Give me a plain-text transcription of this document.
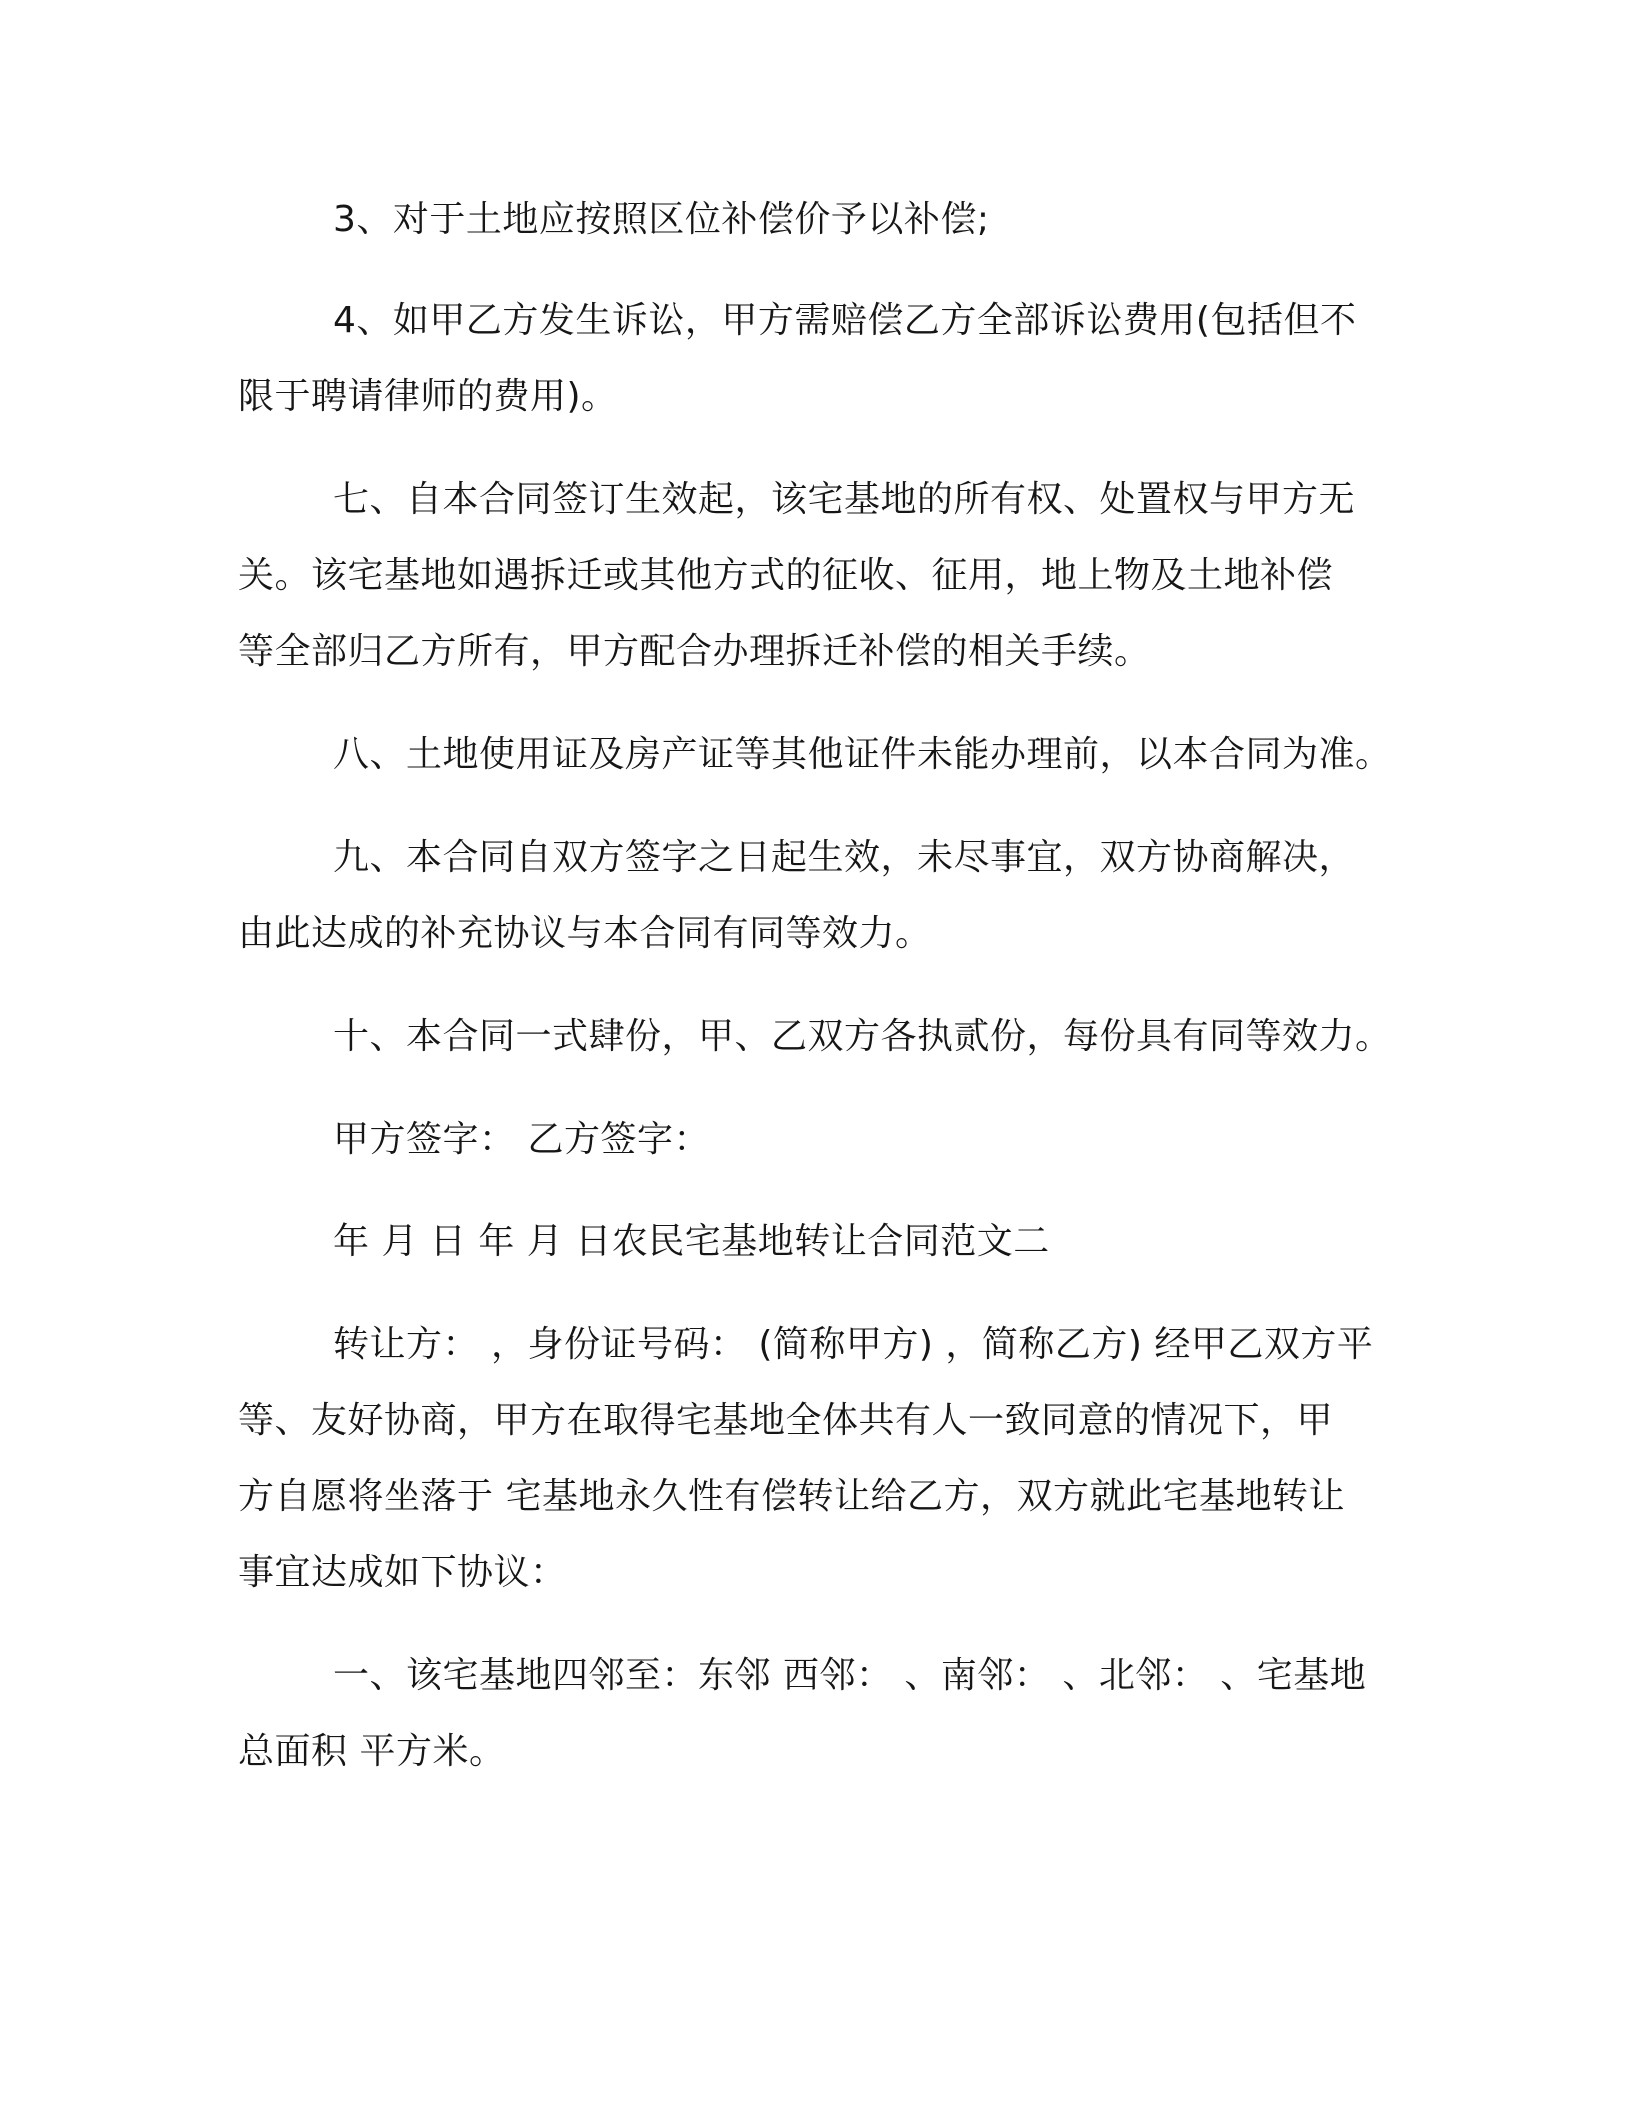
3、对于土地应按照区位补偿价予以补偿;
4、如甲乙方发生诉讼，甲方需赔偿乙方全部诉讼费用(包括但不
限于聘请律师的费用)。
七、自本合同签订生效起，该宅基地的所有权、处置权与甲方无
关。该宅基地如遇拆迁或其他方式的征收、征用，地上物及土地补偿
等全部归乙方所有，甲方配合办理拆迁补偿的相关手续。
八、土地使用证及房产证等其他证件未能办理前，以本合同为准。
九、本合同自双方签字之日起生效，未尽事宜，双方协商解决，
由此达成的补充协议与本合同有同等效力。
十、本合同一式肆份，甲、乙双方各执贰份，每份具有同等效力。
甲方签字： 乙方签字：
年 月 日 年 月 日农民宅基地转让合同范文二
转让方： ，身份证号码： (简称甲方) ，简称乙方) 经甲乙双方平
等、友好协商，甲方在取得宅基地全体共有人一致同意的情况下，甲
方自愿将坐落于 宅基地永久性有偿转让给乙方，双方就此宅基地转让
事宜达成如下协议：
一、该宅基地四邻至：东邻 西邻： 、南邻： 、北邻： 、宅基地
总面积 平方米。
